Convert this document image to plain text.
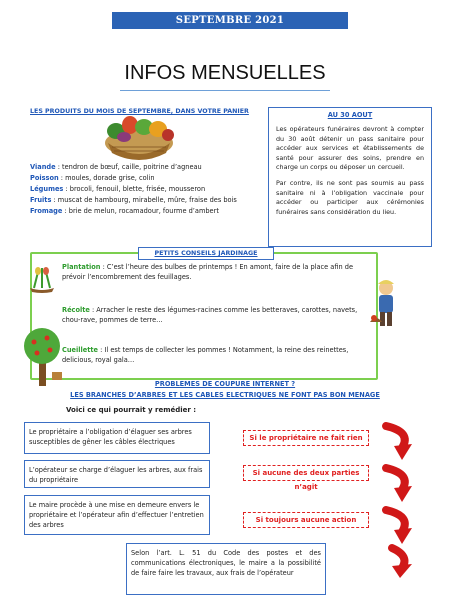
SEPTEMBRE 2021
INFOS MENSUELLES
LES PRODUITS DU MOIS DE SEPTEMBRE, DANS VOTRE PANIER
Viande : tendron de bœuf, caille, poitrine d’agneau
Poisson : moules, dorade grise, colin
Légumes : brocoli, fenouil, blette, frisée, mousseron
Fruits : muscat de hambourg, mirabelle, mûre, fraise des bois
Fromage : brie de melun, rocamadour, fourme d’ambert
AU 30 AOUT
Les opérateurs funéraires devront à compter du 30 août détenir un pass sanitaire pour accéder aux services et établissements de santé pour assurer des soins, prendre en charge un corps ou déposer un cercueil.
Par contre, ils ne sont pas soumis au pass sanitaire ni à l’obligation vaccinale pour accéder ou participer aux cérémonies funéraires sans considération du lieu.
PETITS CONSEILS JARDINAGE
Plantation : C’est l’heure des bulbes de printemps ! En amont, faire de la place afin de prévoir l’encombrement des feuillages.
Récolte : Arracher le reste des légumes-racines comme les betteraves, carottes, navets, chou-rave, pommes de terre…
Cueillette : Il est temps de collecter les pommes ! Notamment, la reine des reinettes, delicious, royal gala…
PROBLEMES DE COUPURE INTERNET ?
LES BRANCHES D’ARBRES ET LES CABLES ELECTRIQUES NE FONT PAS BON MENAGE
Voici ce qui pourrait y remédier :
Le propriétaire a l’obligation d’élaguer ses arbres susceptibles de gêner les câbles électriques
L’opérateur se charge d’élaguer les arbres, aux frais du propriétaire
Le maire procède à une mise en demeure envers le propriétaire et l’opérateur afin d’effectuer l’entretien des arbres
Selon l’art. L. 51 du Code des postes et des communications électroniques, le maire a la possibilité de faire faire les travaux, aux frais de l’opérateur
Si le propriétaire ne fait rien
Si aucune des deux parties n’agit
Si toujours aucune action
